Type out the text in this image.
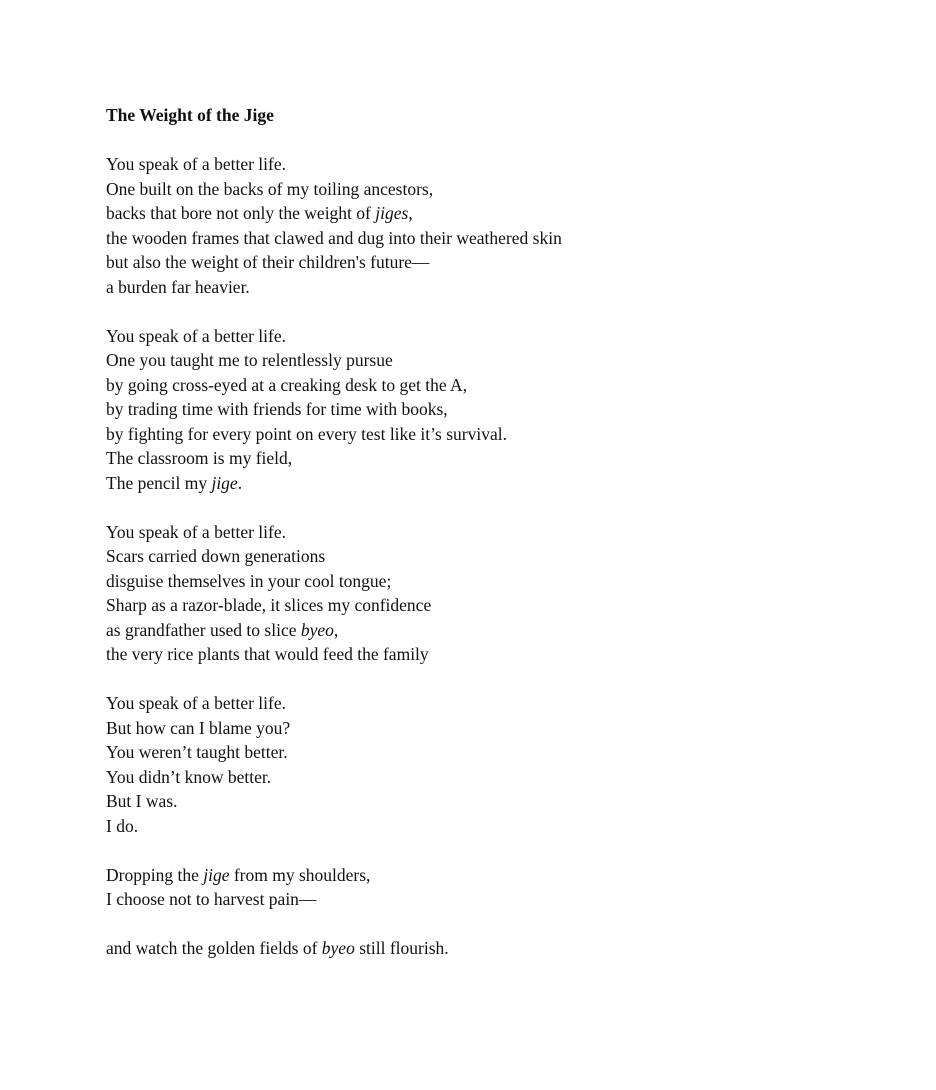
The Weight of the Jige
You speak of a better life.
One built on the backs of my toiling ancestors,
backs that bore not only the weight of jiges,
the wooden frames that clawed and dug into their weathered skin
but also the weight of their children's future—
a burden far heavier.
You speak of a better life.
One you taught me to relentlessly pursue
by going cross-eyed at a creaking desk to get the A,
by trading time with friends for time with books,
by fighting for every point on every test like it’s survival.
The classroom is my field,
The pencil my jige.
You speak of a better life.
Scars carried down generations
disguise themselves in your cool tongue;
Sharp as a razor-blade, it slices my confidence
as grandfather used to slice byeo,
the very rice plants that would feed the family
You speak of a better life.
But how can I blame you?
You weren’t taught better.
You didn’t know better.
But I was.
I do.
Dropping the jige from my shoulders,
I choose not to harvest pain—
and watch the golden fields of byeo still flourish.
